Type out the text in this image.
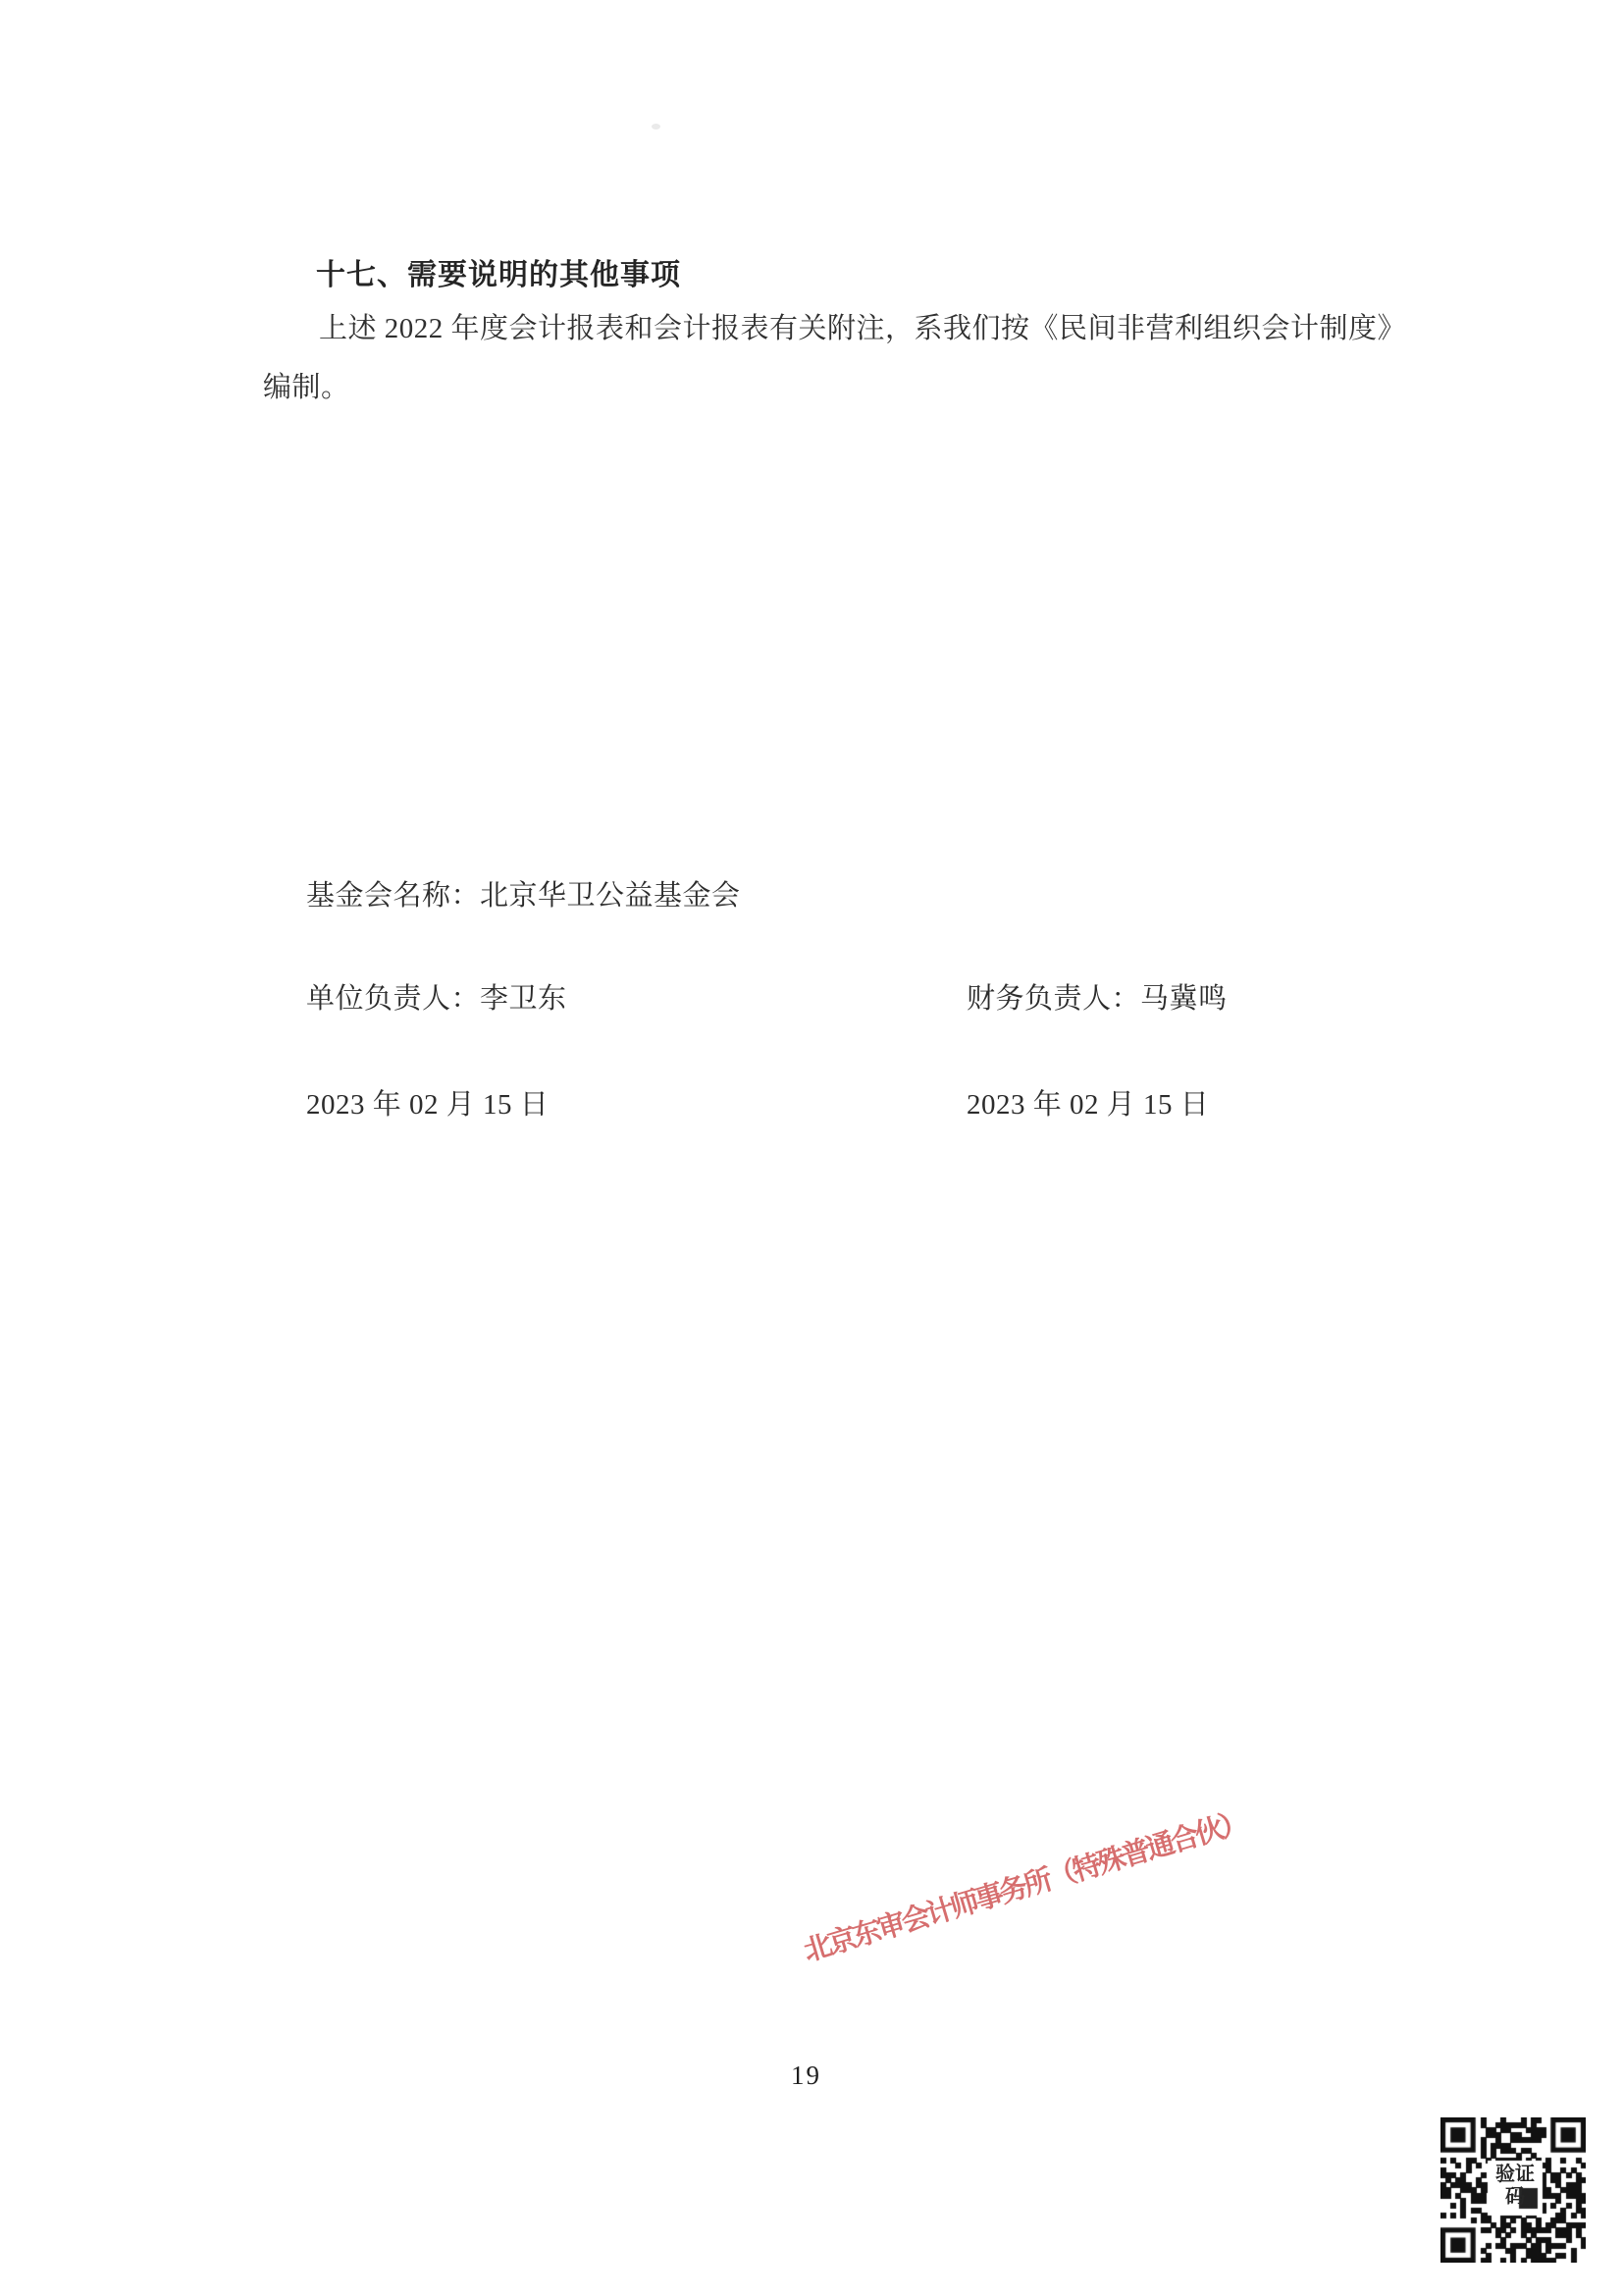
十七、需要说明的其他事项
上述 2022 年度会计报表和会计报表有关附注，系我们按《民间非营利组织会计制度》
编制。
基金会名称：北京华卫公益基金会
单位负责人：李卫东	财务负责人：马冀鸣
2023 年 02 月 15 日	2023 年 02 月 15 日
北京东审会计师事务所（特殊普通合伙）
19
验证码
